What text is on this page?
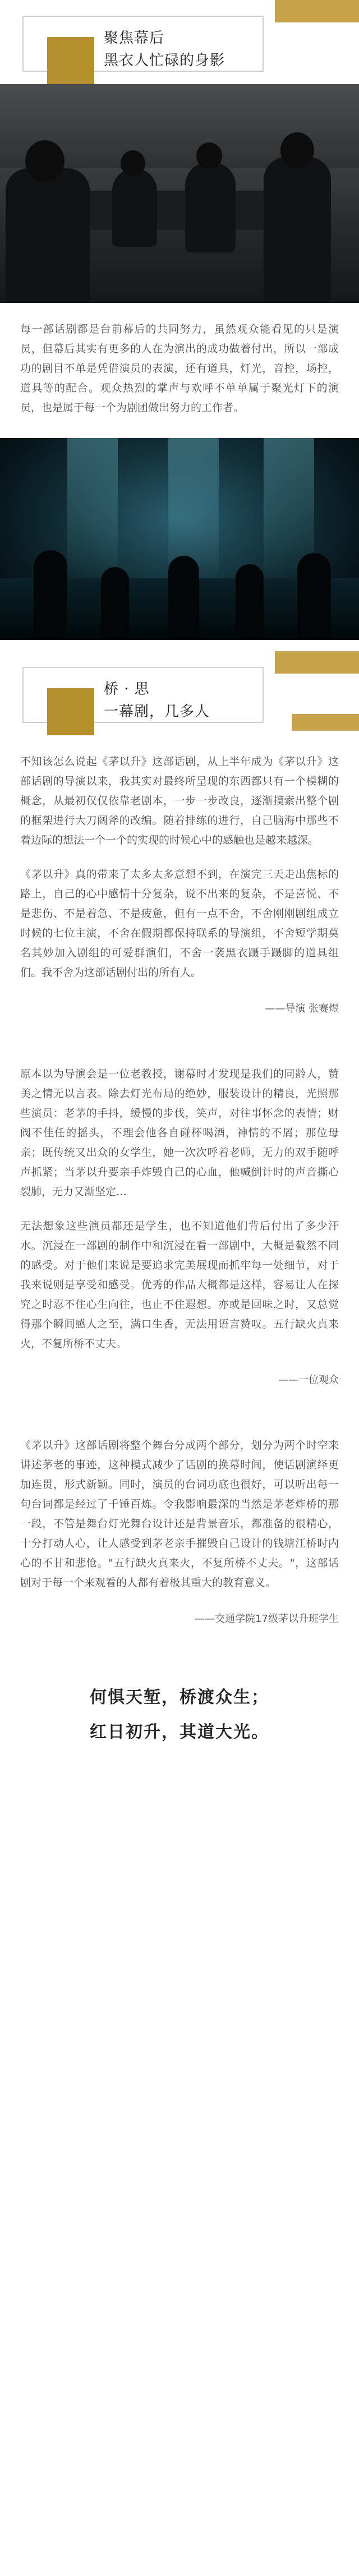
聚焦幕后
黑衣人忙碌的身影

每一部话剧都是台前幕后的共同努力，虽然观众能看见的只是演员，但幕后其实有更多的人在为演出的成功做着付出，所以一部成功的剧目不单是凭借演员的表演，还有道具，灯光，音控，场控，道具等的配合。观众热烈的掌声与欢呼不单单属于聚光灯下的演员，也是属于每一个为剧团做出努力的工作者。

桥 · 思
一幕剧，几多人

不知该怎么说起《茅以升》这部话剧，从上半年成为《茅以升》这部话剧的导演以来，我其实对最终所呈现的东西都只有一个模糊的概念，从最初仅仅依靠老剧本，一步一步改良，逐渐摸索出整个剧的框架进行大刀阔斧的改编。随着排练的进行，自己脑海中那些不着边际的想法一个一个的实现的时候心中的感触也是越来越深。

《茅以升》真的带来了太多太多意想不到，在演完三天走出焦标的路上，自己的心中感情十分复杂，说不出来的复杂，不是喜悦、不是悲伤、不是着急、不是疲惫，但有一点不舍，不舍刚刚剧组成立时候的七位主演，不舍在假期都保持联系的导演组，不舍短学期莫名其妙加入剧组的可爱群演们，不舍一袭黑衣蹑手蹑脚的道具组们。我不舍为这部话剧付出的所有人。

——导演 张赛煜

原本以为导演会是一位老教授，谢幕时才发现是我们的同龄人，赞美之情无以言表。除去灯光布局的绝妙，服装设计的精良，光照那些演员：老茅的手抖，缓慢的步伐，笑声，对往事怀念的表情；财阀不佳任的摇头，不理会他各自碰杯喝酒，神情的不屑；那位母亲；既传统又出众的女学生，她一次次呼着老师，无力的双手随呼声抓紧；当茅以升要亲手炸毁自己的心血，他喊倒计时的声音撕心裂肺，无力又渐坚定…

无法想象这些演员都还是学生，也不知道他们背后付出了多少汗水。沉浸在一部剧的制作中和沉浸在看一部剧中，大概是截然不同的感受。对于他们来说是要追求完美展现而抓牢每一处细节，对于我来说则是享受和感受。优秀的作品大概都是这样，容易让人在探究之时忍不住心生向往，也止不住遐想。亦或是回味之时，又总觉得那个瞬间感人之至，满口生香，无法用语言赞叹。五行缺火真来火，不复所桥不丈夫。

——一位观众

《茅以升》这部话剧将整个舞台分成两个部分，划分为两个时空来讲述茅老的事迹，这种模式减少了话剧的换幕时间，使话剧演绎更加连贯，形式新颖。同时，演员的台词功底也很好，可以听出每一句台词都是经过了千锤百炼。令我影响最深的当然是茅老炸桥的那一段，不管是舞台灯光舞台设计还是背景音乐，都准备的很精心，十分打动人心，让人感受到茅老亲手摧毁自己设计的钱塘江桥时内心的不甘和悲怆。"五行缺火真来火，不复所桥不丈夫。"，这部话剧对于每一个来观看的人都有着极其重大的教育意义。

——交通学院17级茅以升班学生
何惧天堑，桥渡众生；
红日初升，其道大光。
